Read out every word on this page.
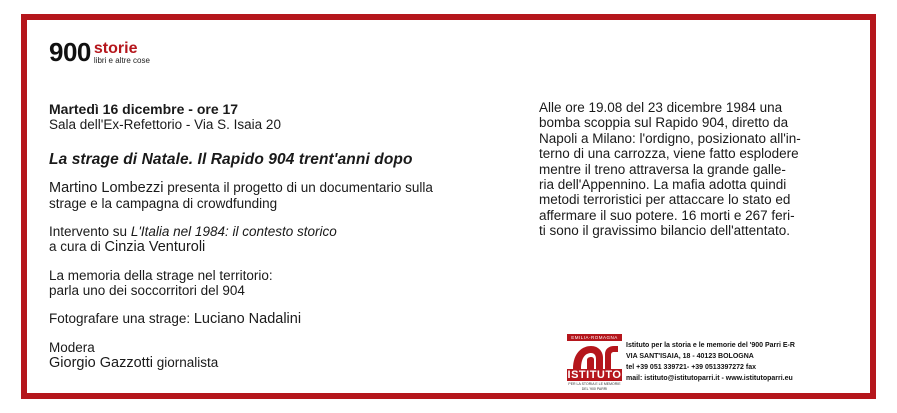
900 storie
libri e altre cose
Martedì 16 dicembre - ore 17
Sala dell'Ex-Refettorio - Via S. Isaia 20
La strage di Natale. Il Rapido 904 trent'anni dopo
Martino Lombezzi presenta il progetto di un documentario sulla
strage e la campagna di crowdfunding
Intervento su L'Italia nel 1984: il contesto storico
a cura di Cinzia Venturoli
La memoria della strage nel territorio:
parla uno dei soccorritori del 904
Fotografare una strage: Luciano Nadalini
Modera
Giorgio Gazzotti giornalista
Alle ore 19.08 del 23 dicembre 1984 una
bomba scoppia sul Rapido 904, diretto da
Napoli a Milano: l'ordigno, posizionato all'in-
terno di una carrozza, viene fatto esplodere
mentre il treno attraversa la grande galle-
ria dell'Appennino. La mafia adotta quindi
metodi terroristici per attaccare lo stato ed
affermare il suo potere. 16 morti e 267 feri-
ti sono il gravissimo bilancio dell'attentato.
EMILIA-ROMAGNA
ISTITUTO
PER LA STORIA E LE MEMORIE DEL '900 PARRI
Istituto per la storia e le memorie del '900 Parri E-R
VIA SANT'ISAIA, 18 - 40123 BOLOGNA
tel +39 051 339721- +39 0513397272 fax
mail: istituto@istitutoparri.it - www.istitutoparri.eu
